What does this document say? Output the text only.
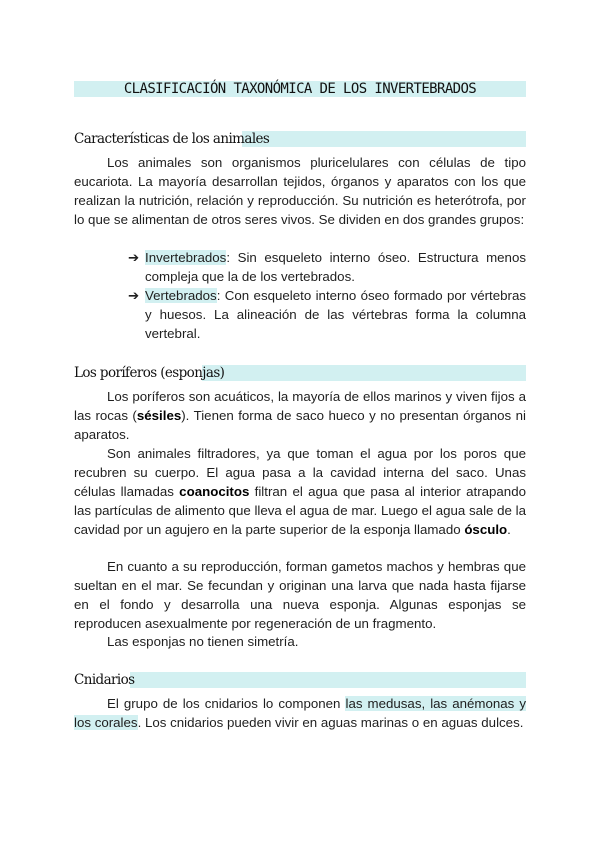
CLASIFICACIÓN TAXONÓMICA DE LOS INVERTEBRADOS
Características de los animales

Los animales son organismos pluricelulares con células de tipo eucariota. La mayoría desarrollan tejidos, órganos y aparatos con los que realizan la nutrición, relación y reproducción. Su nutrición es heterótrofa, por lo que se alimentan de otros seres vivos. Se dividen en dos grandes grupos:

➔ Invertebrados: Sin esqueleto interno óseo. Estructura menos compleja que la de los vertebrados.
➔ Vertebrados: Con esqueleto interno óseo formado por vértebras y huesos. La alineación de las vértebras forma la columna vertebral.
Los poríferos (esponjas)

Los poríferos son acuáticos, la mayoría de ellos marinos y viven fijos a las rocas (sésiles). Tienen forma de saco hueco y no presentan órganos ni aparatos.

Son animales filtradores, ya que toman el agua por los poros que recubren su cuerpo. El agua pasa a la cavidad interna del saco. Unas células llamadas coanocitos filtran el agua que pasa al interior atrapando las partículas de alimento que lleva el agua de mar. Luego el agua sale de la cavidad por un agujero en la parte superior de la esponja llamado ósculo.

En cuanto a su reproducción, forman gametos machos y hembras que sueltan en el mar. Se fecundan y originan una larva que nada hasta fijarse en el fondo y desarrolla una nueva esponja. Algunas esponjas se reproducen asexualmente por regeneración de un fragmento.

Las esponjas no tienen simetría.

Cnidarios

El grupo de los cnidarios lo componen las medusas, las anémonas y los corales. Los cnidarios pueden vivir en aguas marinas o en aguas dulces.
